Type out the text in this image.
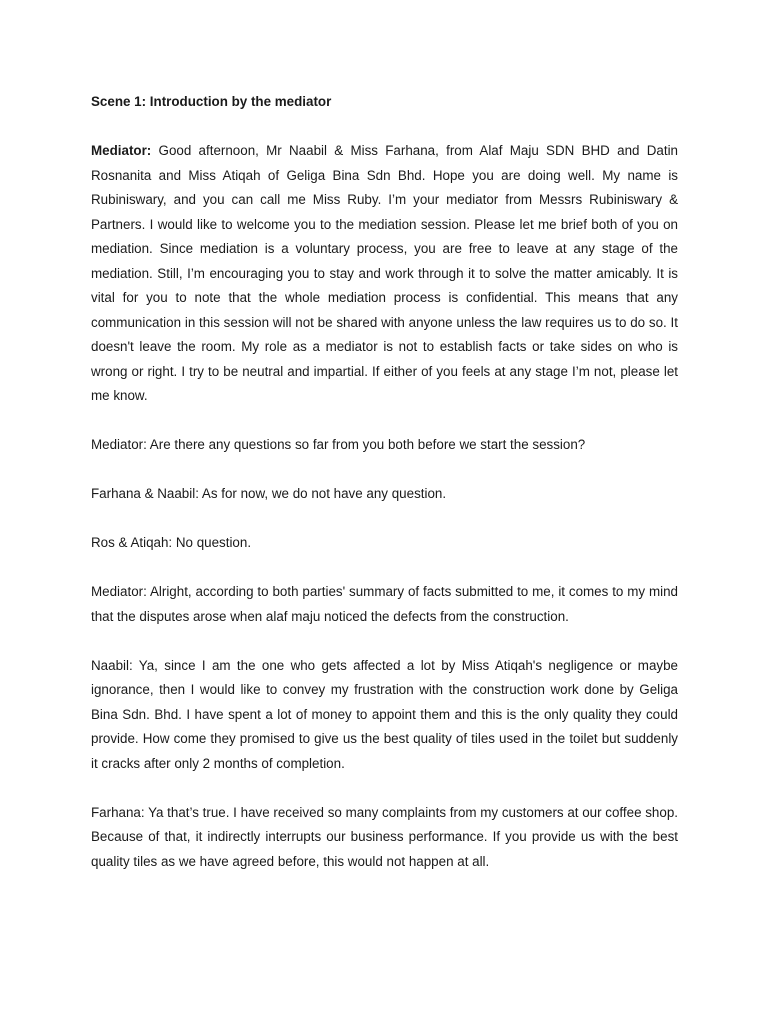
Scene 1: Introduction by the mediator

Mediator: Good afternoon, Mr Naabil & Miss Farhana, from Alaf Maju SDN BHD and Datin Rosnanita and Miss Atiqah of Geliga Bina Sdn Bhd. Hope you are doing well. My name is Rubiniswary, and you can call me Miss Ruby. I’m your mediator from Messrs Rubiniswary & Partners. I would like to welcome you to the mediation session. Please let me brief both of you on mediation. Since mediation is a voluntary process, you are free to leave at any stage of the mediation. Still, I’m encouraging you to stay and work through it to solve the matter amicably. It is vital for you to note that the whole mediation process is confidential. This means that any communication in this session will not be shared with anyone unless the law requires us to do so. It doesn't leave the room. My role as a mediator is not to establish facts or take sides on who is wrong or right. I try to be neutral and impartial. If either of you feels at any stage I’m not, please let me know.

Mediator: Are there any questions so far from you both before we start the session?

Farhana & Naabil: As for now, we do not have any question.

Ros & Atiqah: No question.

Mediator: Alright, according to both parties' summary of facts submitted to me, it comes to my mind that the disputes arose when alaf maju noticed the defects from the construction.

Naabil: Ya, since I am the one who gets affected a lot by Miss Atiqah's negligence or maybe ignorance, then I would like to convey my frustration with the construction work done by Geliga Bina Sdn. Bhd. I have spent a lot of money to appoint them and this is the only quality they could provide. How come they promised to give us the best quality of tiles used in the toilet but suddenly it cracks after only 2 months of completion.

Farhana: Ya that’s true. I have received so many complaints from my customers at our coffee shop. Because of that, it indirectly interrupts our business performance. If you provide us with the best quality tiles as we have agreed before, this would not happen at all.
